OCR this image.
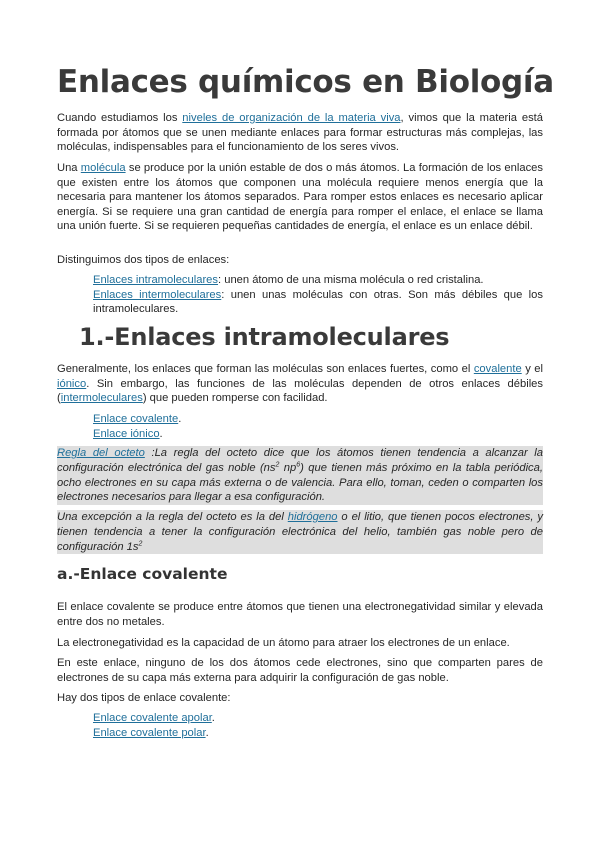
Enlaces químicos en Biología

Cuando estudiamos los niveles de organización de la materia viva, vimos que la materia está formada por átomos que se unen mediante enlaces para formar estructuras más complejas, las moléculas, indispensables para el funcionamiento de los seres vivos.

Una molécula se produce por la unión estable de dos o más átomos. La formación de los enlaces que existen entre los átomos que componen una molécula requiere menos energía que la necesaria para mantener los átomos separados. Para romper estos enlaces es necesario aplicar energía. Si se requiere una gran cantidad de energía para romper el enlace, el enlace se llama una unión fuerte. Si se requieren pequeñas cantidades de energía, el enlace es un enlace débil.

Distinguimos dos tipos de enlaces:

Enlaces intramoleculares: unen átomo de una misma molécula o red cristalina.
Enlaces intermoleculares: unen unas moléculas con otras. Son más débiles que los intramoleculares.

1.-Enlaces intramoleculares

Generalmente, los enlaces que forman las moléculas son enlaces fuertes, como el covalente y el iónico. Sin embargo, las funciones de las moléculas dependen de otros enlaces débiles (intermoleculares) que pueden romperse con facilidad.

Enlace covalente.
Enlace iónico.

Regla del octeto :La regla del octeto dice que los átomos tienen tendencia a alcanzar la configuración electrónica del gas noble ($ns^2$ $np^6$) que tienen más próximo en la tabla periódica, ocho electrones en su capa más externa o de valencia. Para ello, toman, ceden o comparten los electrones necesarios para llegar a esa configuración.
Una excepción a la regla del octeto es la del hidrógeno o el litio, que tienen pocos electrones, y tienen tendencia a tener la configuración electrónica del helio, también gas noble pero de configuración $1s^2$
a.-Enlace covalente

El enlace covalente se produce entre átomos que tienen una electronegatividad similar y elevada entre dos no metales.

La electronegatividad es la capacidad de un átomo para atraer los electrones de un enlace.

En este enlace, ninguno de los dos átomos cede electrones, sino que comparten pares de electrones de su capa más externa para adquirir la configuración de gas noble.

Hay dos tipos de enlace covalente:

Enlace covalente apolar.
Enlace covalente polar.
